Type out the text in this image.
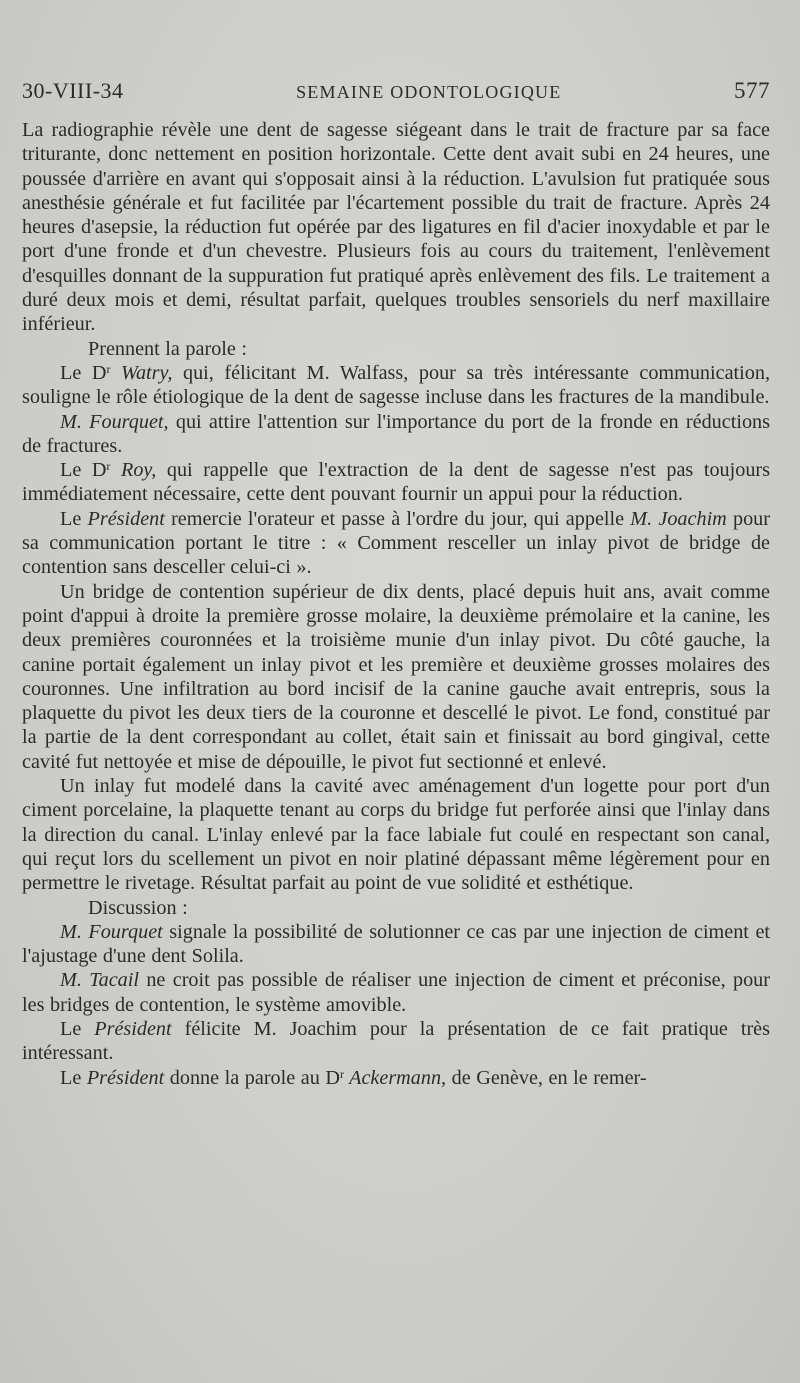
30-VIII-34	SEMAINE ODONTOLOGIQUE	577

La radiographie révèle une dent de sagesse siégeant dans le trait de fracture par sa face triturante, donc nettement en position horizontale. Cette dent avait subi en 24 heures, une poussée d'arrière en avant qui s'opposait ainsi à la réduction. L'avulsion fut pratiquée sous anesthésie générale et fut facilitée par l'écartement possible du trait de fracture. Après 24 heures d'asepsie, la réduction fut opérée par des ligatures en fil d'acier inoxydable et par le port d'une fronde et d'un chevestre. Plusieurs fois au cours du traitement, l'enlèvement d'esquilles donnant de la suppuration fut pratiqué après enlèvement des fils. Le traitement a duré deux mois et demi, résultat parfait, quelques troubles sensoriels du nerf maxillaire inférieur.

Prennent la parole :

Le $D^r$ Watry, qui, félicitant M. Walfass, pour sa très intéressante communication, souligne le rôle étiologique de la dent de sagesse incluse dans les fractures de la mandibule.

M. Fourquet, qui attire l'attention sur l'importance du port de la fronde en réductions de fractures.

Le $D^r$ Roy, qui rappelle que l'extraction de la dent de sagesse n'est pas toujours immédiatement nécessaire, cette dent pouvant fournir un appui pour la réduction.

Le Président remercie l'orateur et passe à l'ordre du jour, qui appelle M. Joachim pour sa communication portant le titre : « Comment resceller un inlay pivot de bridge de contention sans desceller celui-ci ».

Un bridge de contention supérieur de dix dents, placé depuis huit ans, avait comme point d'appui à droite la première grosse molaire, la deuxième prémolaire et la canine, les deux premières couronnées et la troisième munie d'un inlay pivot. Du côté gauche, la canine portait également un inlay pivot et les première et deuxième grosses molaires des couronnes. Une infiltration au bord incisif de la canine gauche avait entrepris, sous la plaquette du pivot les deux tiers de la couronne et descellé le pivot. Le fond, constitué par la partie de la dent correspondant au collet, était sain et finissait au bord gingival, cette cavité fut nettoyée et mise de dépouille, le pivot fut sectionné et enlevé.

Un inlay fut modelé dans la cavité avec aménagement d'un logette pour port d'un ciment porcelaine, la plaquette tenant au corps du bridge fut perforée ainsi que l'inlay dans la direction du canal. L'inlay enlevé par la face labiale fut coulé en respectant son canal, qui reçut lors du scellement un pivot en noir platiné dépassant même légèrement pour en permettre le rivetage. Résultat parfait au point de vue solidité et esthétique.

Discussion :

M. Fourquet signale la possibilité de solutionner ce cas par une injection de ciment et l'ajustage d'une dent Solila.

M. Tacail ne croit pas possible de réaliser une injection de ciment et préconise, pour les bridges de contention, le système amovible.

Le Président félicite M. Joachim pour la présentation de ce fait pratique très intéressant.

Le Président donne la parole au $D^r$ Ackermann, de Genève, en le remer-
